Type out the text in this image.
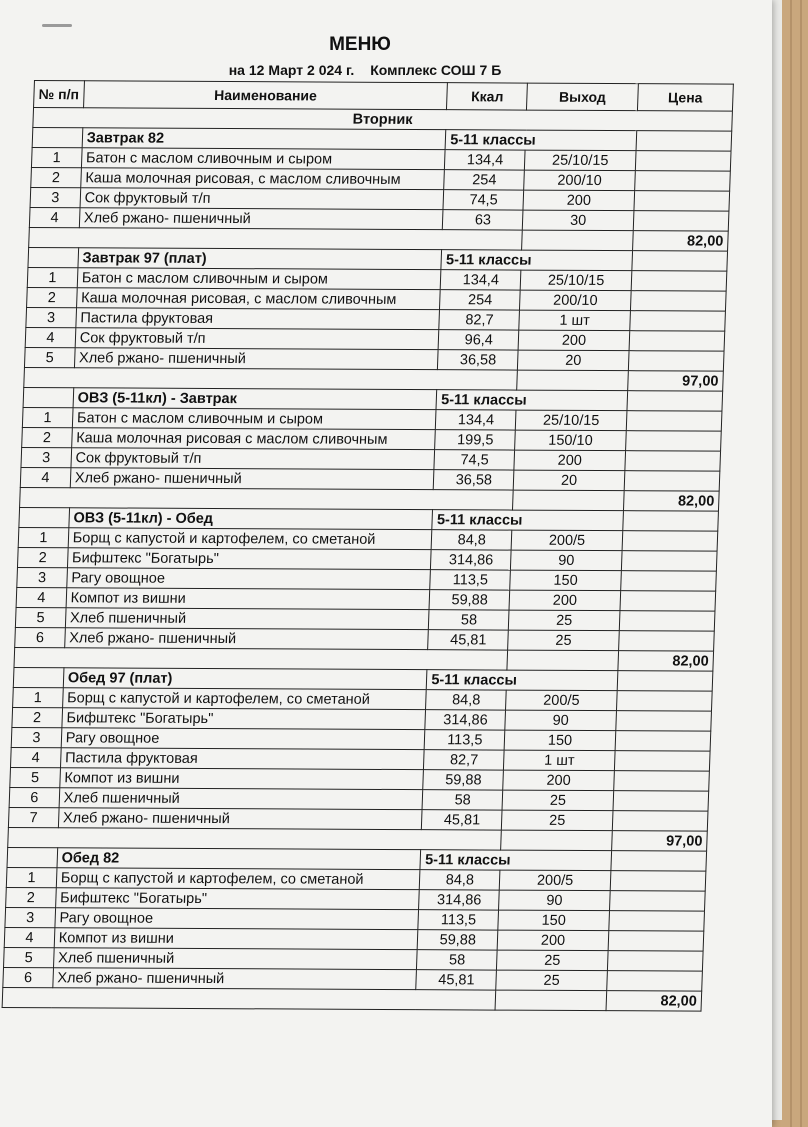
МЕНЮ
на 12 Март 2 024 г. Комплекс СОШ 7 Б
№ п/п	Наименование	Ккал	Выход	Цена
Вторник				
	Завтрак 82	5-11 классы		
1	Батон с маслом сливочным и сыром	134,4	25/10/15	
2	Каша молочная рисовая, с маслом сливочным	254	200/10	
3	Сок фруктовый т/п	74,5	200	
4	Хлеб ржано- пшеничный	63	30	
				82,00
	Завтрак 97 (плат)	5-11 классы		
1	Батон с маслом сливочным и сыром	134,4	25/10/15	
2	Каша молочная рисовая, с маслом сливочным	254	200/10	
3	Пастила фруктовая	82,7	1 шт	
4	Сок фруктовый т/п	96,4	200	
5	Хлеб ржано- пшеничный	36,58	20	
				97,00
	ОВЗ (5-11кл) - Завтрак	5-11 классы		
1	Батон с маслом сливочным и сыром	134,4	25/10/15	
2	Каша молочная рисовая с маслом сливочным	199,5	150/10	
3	Сок фруктовый т/п	74,5	200	
4	Хлеб ржано- пшеничный	36,58	20	
				82,00
	ОВЗ (5-11кл) - Обед	5-11 классы		
1	Борщ с капустой и картофелем, со сметаной	84,8	200/5	
2	Бифштекс "Богатырь"	314,86	90	
3	Рагу овощное	113,5	150	
4	Компот из вишни	59,88	200	
5	Хлеб пшеничный	58	25	
6	Хлеб ржано- пшеничный	45,81	25	
				82,00
	Обед 97 (плат)	5-11 классы		
1	Борщ с капустой и картофелем, со сметаной	84,8	200/5	
2	Бифштекс "Богатырь"	314,86	90	
3	Рагу овощное	113,5	150	
4	Пастила фруктовая	82,7	1 шт	
5	Компот из вишни	59,88	200	
6	Хлеб пшеничный	58	25	
7	Хлеб ржано- пшеничный	45,81	25	
				97,00
	Обед 82	5-11 классы		
1	Борщ с капустой и картофелем, со сметаной	84,8	200/5	
2	Бифштекс "Богатырь"	314,86	90	
3	Рагу овощное	113,5	150	
4	Компот из вишни	59,88	200	
5	Хлеб пшеничный	58	25	
6	Хлеб ржано- пшеничный	45,81	25	
				82,00
